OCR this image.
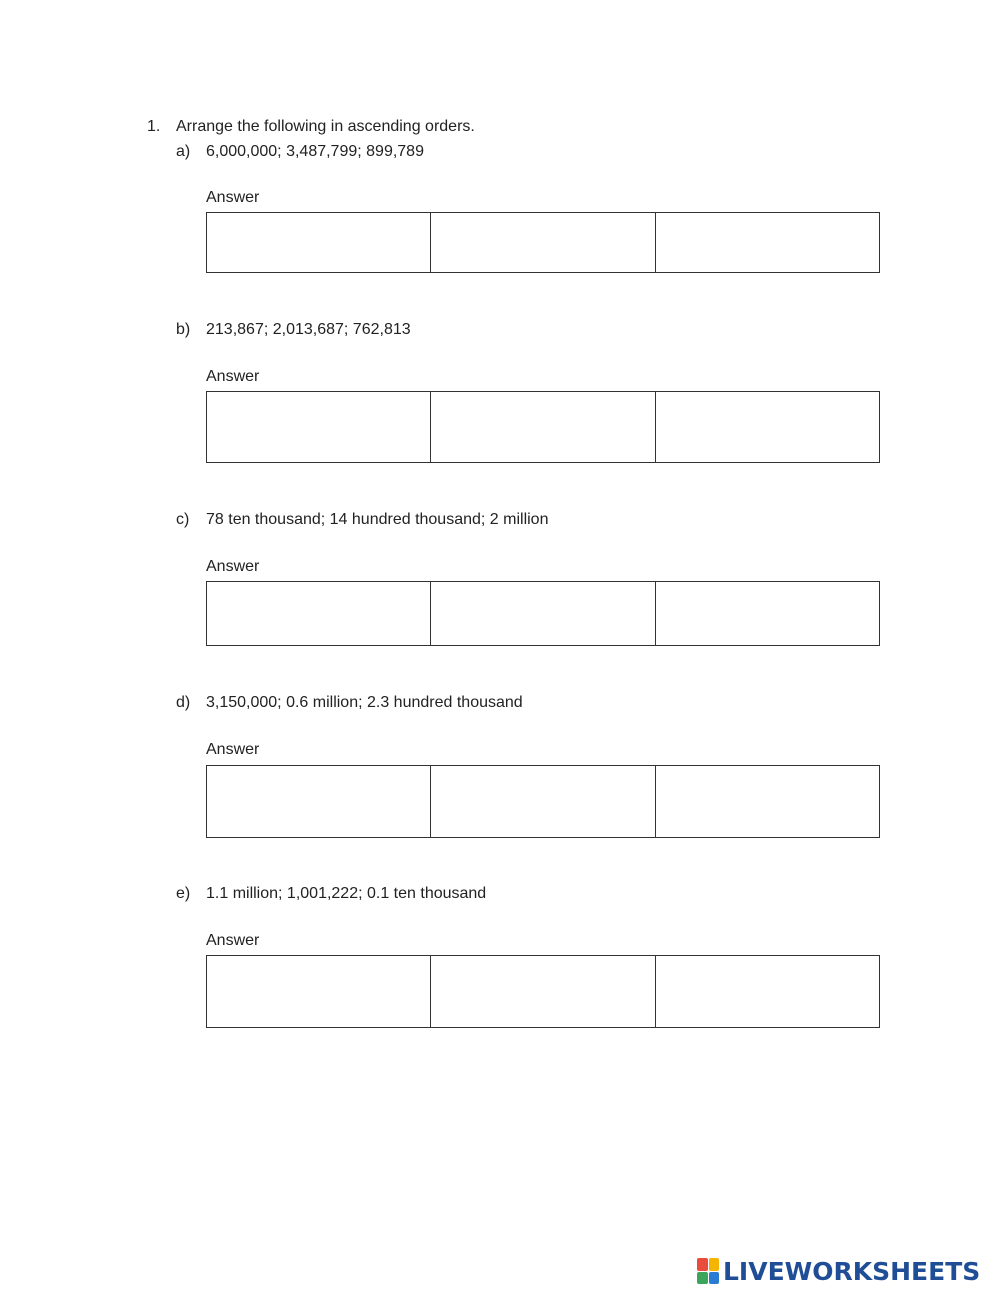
1. Arrange the following in ascending orders.
a) 6,000,000; 3,487,799; 899,789
Answer
b) 213,867; 2,013,687; 762,813
Answer
c) 78 ten thousand; 14 hundred thousand; 2 million
Answer
d) 3,150,000; 0.6 million; 2.3 hundred thousand
Answer
e) 1.1 million; 1,001,222; 0.1 ten thousand
Answer
LIVEWORKSHEETS
